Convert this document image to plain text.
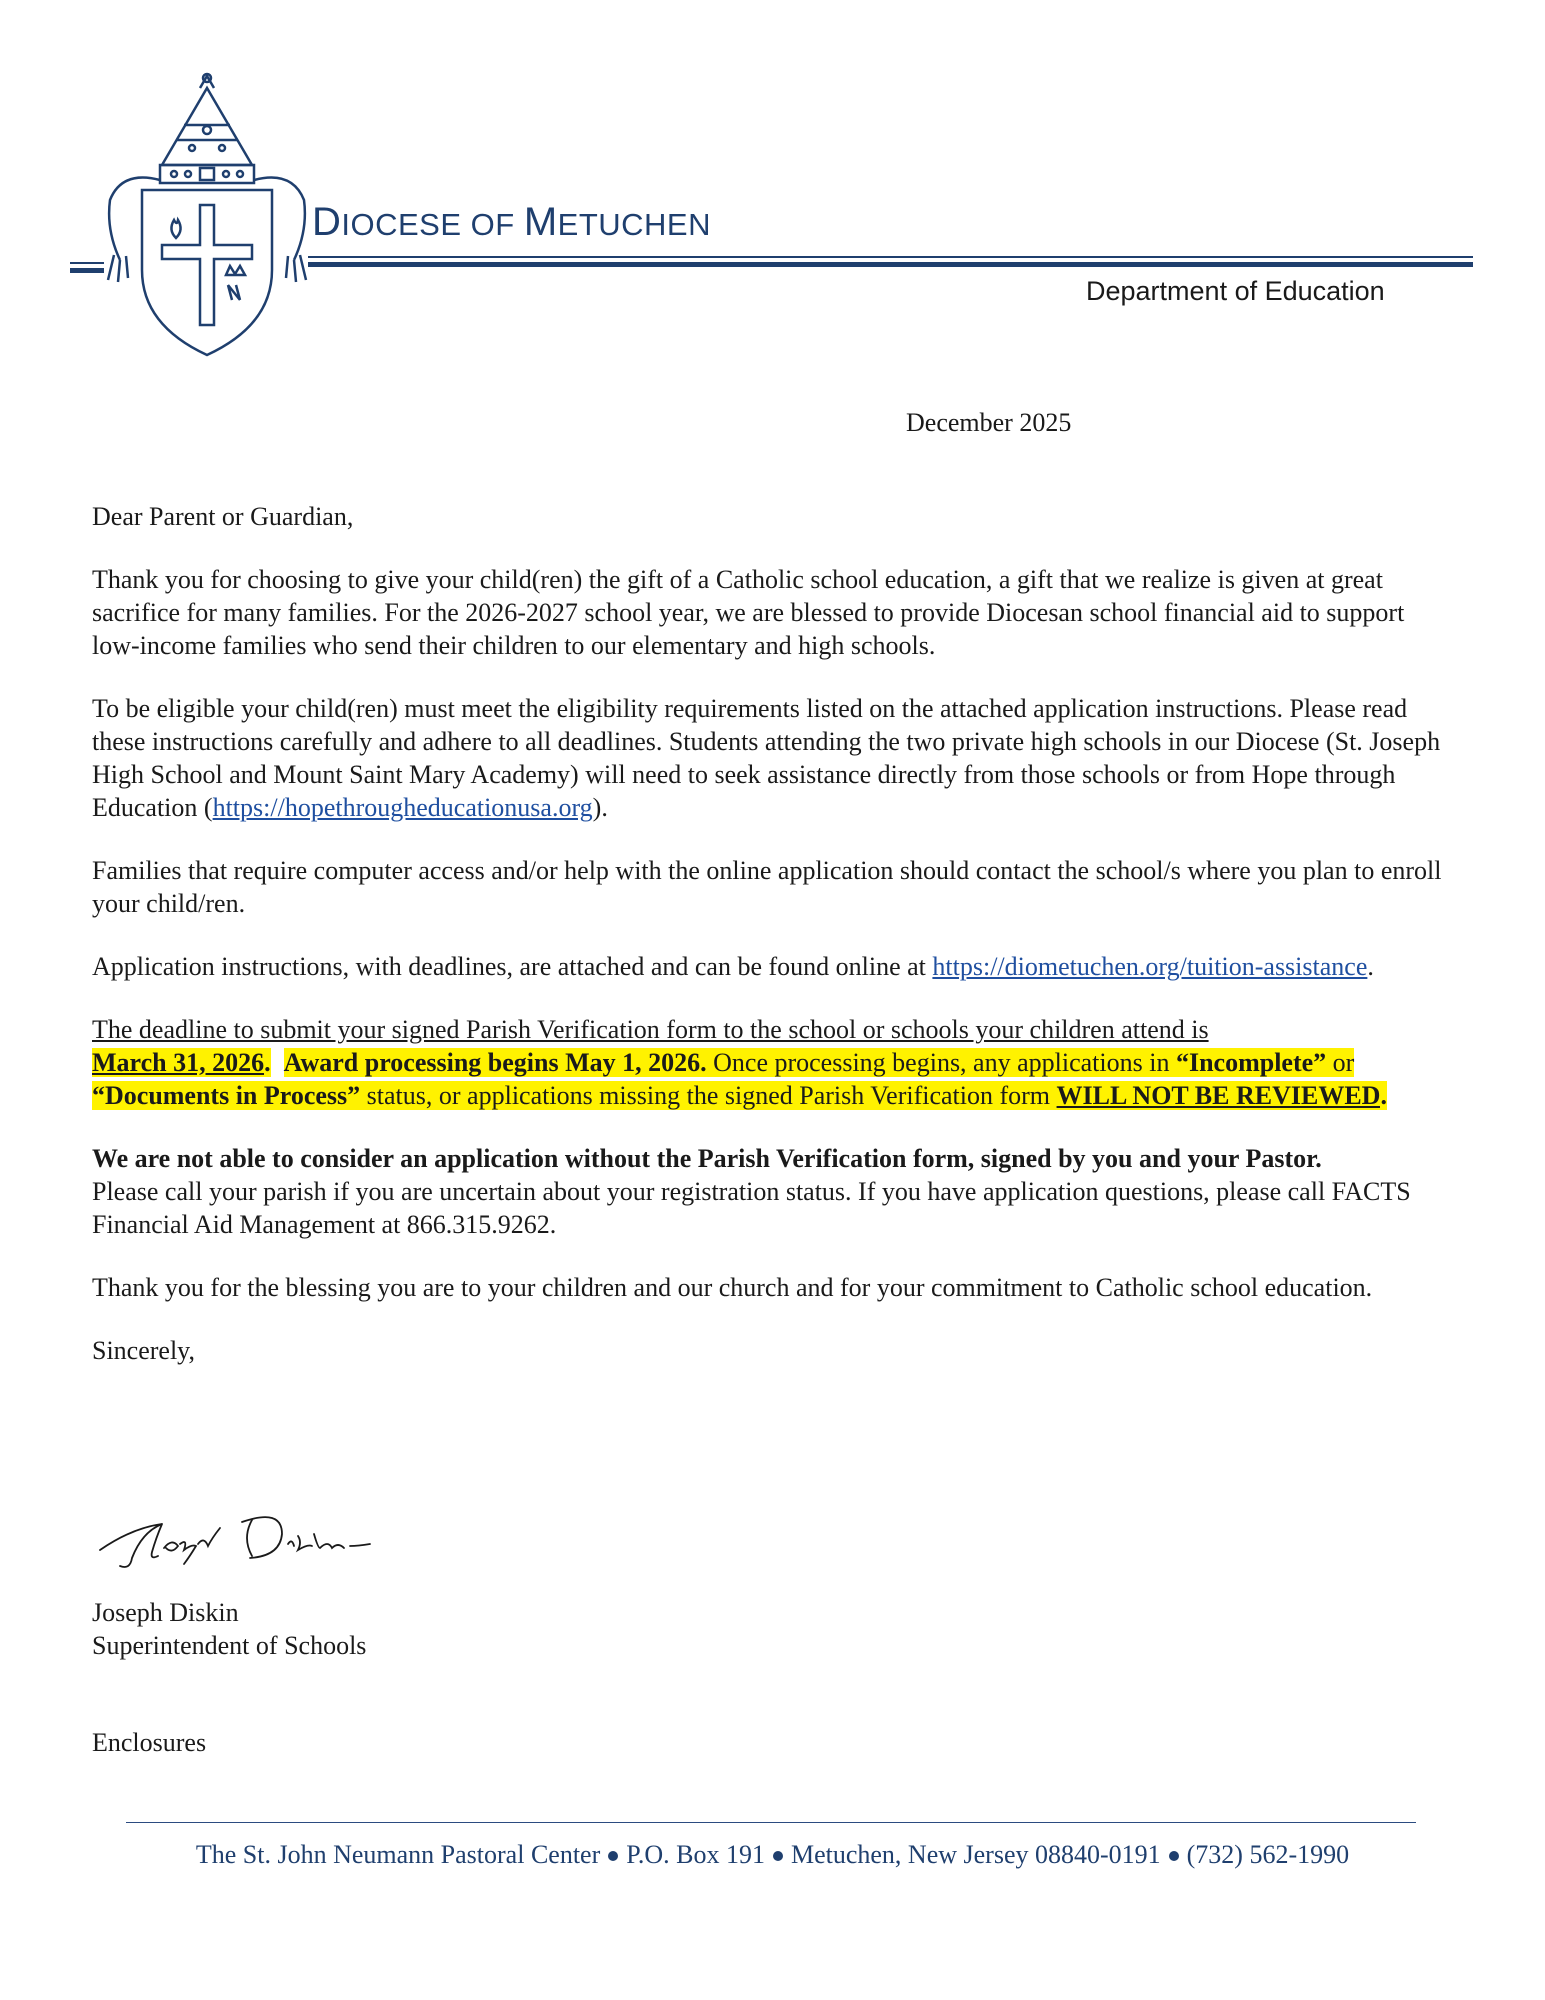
DIOCESE OF METUCHEN
Department of Education
December 2025

Dear Parent or Guardian,

Thank you for choosing to give your child(ren) the gift of a Catholic school education, a gift that we realize is given at great sacrifice for many families. For the 2026-2027 school year, we are blessed to provide Diocesan school financial aid to support low-income families who send their children to our elementary and high schools.

To be eligible your child(ren) must meet the eligibility requirements listed on the attached application instructions. Please read these instructions carefully and adhere to all deadlines. Students attending the two private high schools in our Diocese (St. Joseph High School and Mount Saint Mary Academy) will need to seek assistance directly from those schools or from Hope through Education (https://hopethrougheducationusa.org).

Families that require computer access and/or help with the online application should contact the school/s where you plan to enroll your child/ren.

Application instructions, with deadlines, are attached and can be found online at https://diometuchen.org/tuition-assistance.

The deadline to submit your signed Parish Verification form to the school or schools your children attend is
March 31, 2026. Award processing begins May 1, 2026. Once processing begins, any applications in “Incomplete” or “Documents in Process” status, or applications missing the signed Parish Verification form WILL NOT BE REVIEWED.

We are not able to consider an application without the Parish Verification form, signed by you and your Pastor.
Please call your parish if you are uncertain about your registration status. If you have application questions, please call FACTS Financial Aid Management at 866.315.9262.

Thank you for the blessing you are to your children and our church and for your commitment to Catholic school education.

Sincerely,

Joseph Diskin
Superintendent of Schools
Enclosures
The St. John Neumann Pastoral Center P.O. Box 191 Metuchen, New Jersey 08840-0191 (732) 562-1990
